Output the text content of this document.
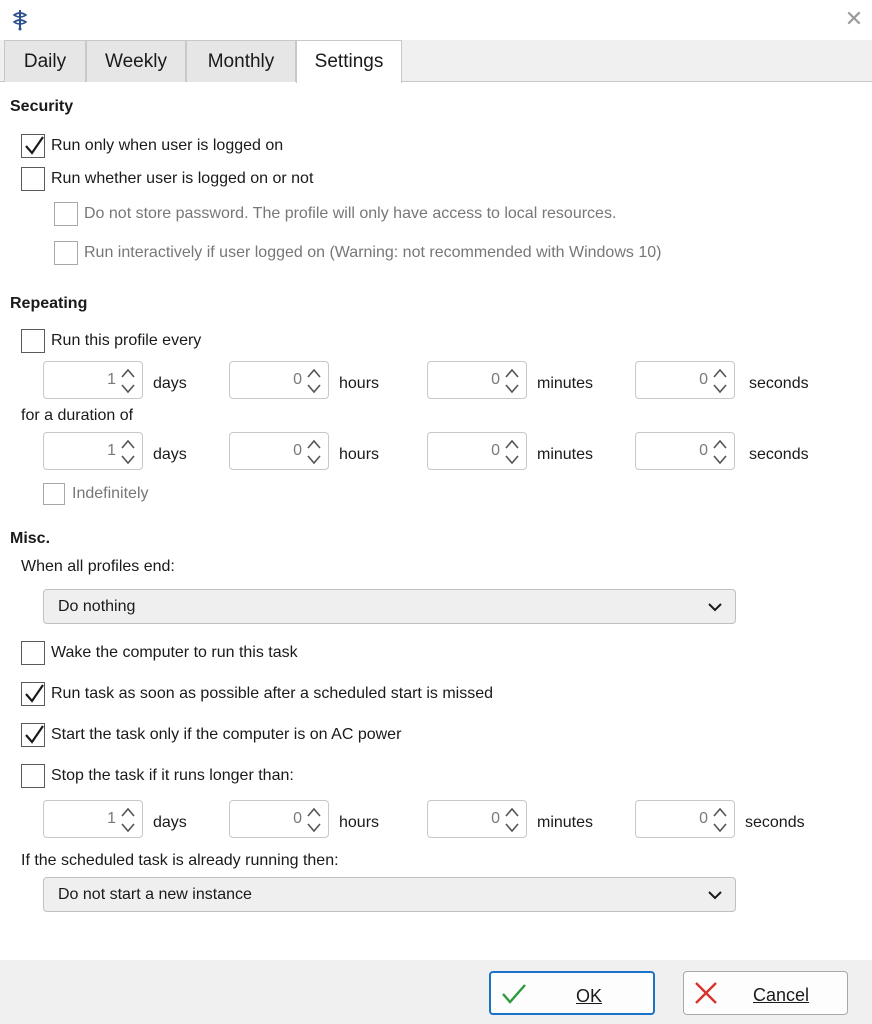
✕
Daily	Weekly	Monthly	Settings
Security
Run only when user is logged on
Run whether user is logged on or not
Do not store password. The profile will only have access to local resources.
Run interactively if user logged on (Warning: not recommended with Windows 10)
Repeating
Run this profile every
1 days	0 hours	0 minutes	0	seconds
for a duration of
1 days	0 hours	0 minutes	0	seconds
Indefinitely
Misc.
When all profiles end:
Do nothing
Wake the computer to run this task
Run task as soon as possible after a scheduled start is missed
Start the task only if the computer is on AC power
Stop the task if it runs longer than:
1 days	0 hours	0 minutes	0 seconds
If the scheduled task is already running then:
Do not start a new instance
OK	Cancel
